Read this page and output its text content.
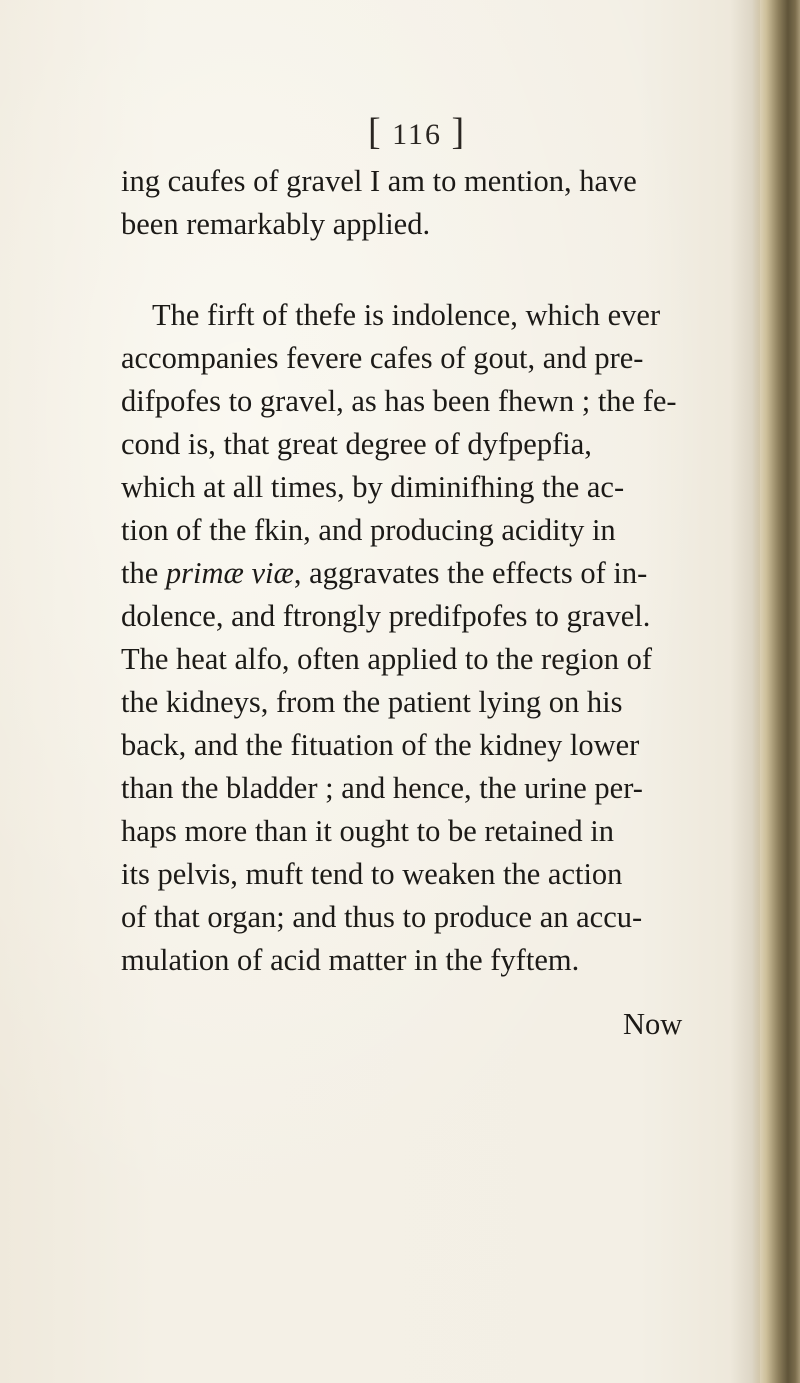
[ 116 ]
ing caufes of gravel I am to mention, have
been remarkably applied.
The firft of thefe is indolence, which ever
accompanies fevere cafes of gout, and pre-
difpofes to gravel, as has been fhewn ; the fe-
cond is, that great degree of dyfpepfia,
which at all times, by diminifhing the ac-
tion of the fkin, and producing acidity in
the primæ viæ, aggravates the effects of in-
dolence, and ftrongly predifpofes to gravel.
The heat alfo, often applied to the region of
the kidneys, from the patient lying on his
back, and the fituation of the kidney lower
than the bladder ; and hence, the urine per-
haps more than it ought to be retained in
its pelvis, muft tend to weaken the action
of that organ; and thus to produce an accu-
mulation of acid matter in the fyftem.
Now
